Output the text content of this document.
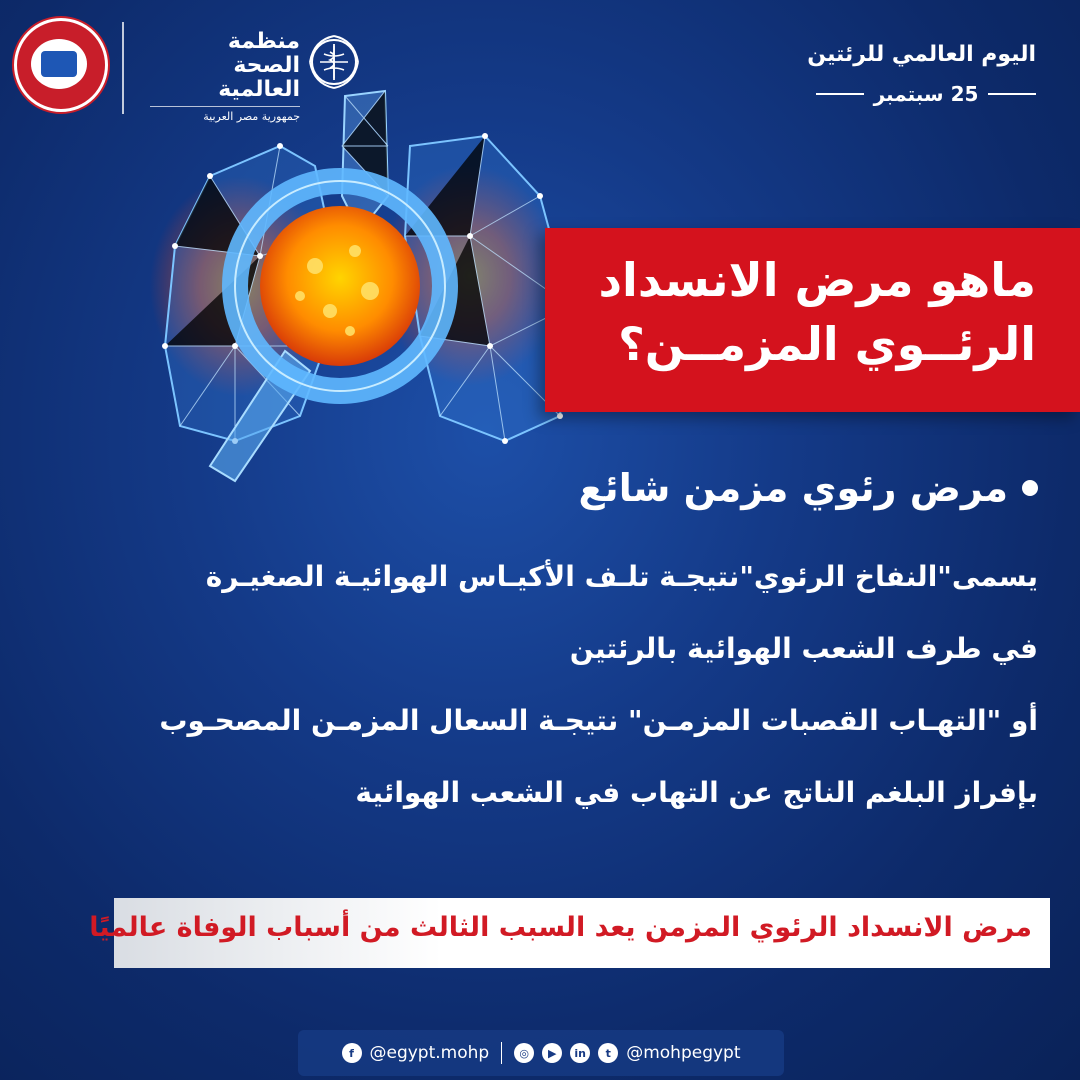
منظمة
الصحة العالمية
جمهورية مصر العربية
اليوم العالمي للرئتين
25 سبتمبر
ماهو مرض الانسداد
الرئــوي المزمــن؟
مرض رئوي مزمن شائع
يسمى"النفاخ الرئوي"نتيجـة تلـف الأكيـاس الهوائيـة الصغيـرة
في طرف الشعب الهوائية بالرئتين
أو "التهـاب القصبات المزمـن" نتيجـة السعال المزمـن المصحـوب
بإفراز البلغم الناتج عن التهاب في الشعب الهوائية
مرض الانسداد الرئوي المزمن يعد السبب الثالث من أسباب الوفاة عالميًا
f @egypt.mohp	◎	▶	in	t @mohpegypt
